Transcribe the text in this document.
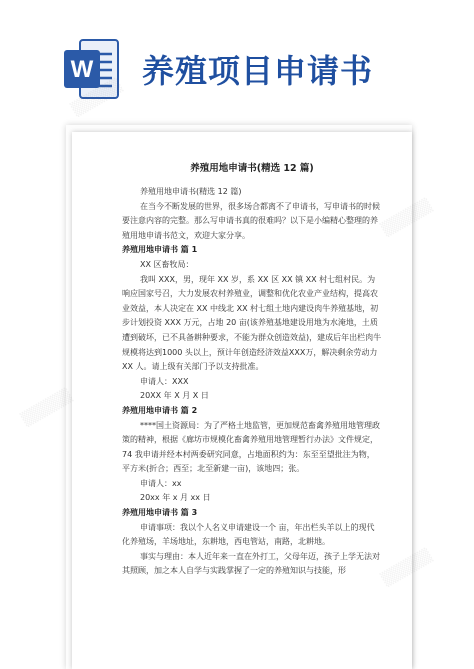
W 养殖项目申请书
▒▒▒▒▒
养殖用地申请书(精选 12 篇)

养殖用地申请书(精选 12 篇)

在当今不断发展的世界，很多场合都离不了申请书，写申请书的时候要注意内容的完整。那么写申请书真的很难吗？以下是小编精心整理的养殖用地申请书范文，欢迎大家分享。

养殖用地申请书 篇 1

XX 区畜牧局：

我叫 XXX，男，现年 XX 岁，系 XX 区 XX 镇 XX 村七组村民。为响应国家号召，大力发展农村养殖业，调整和优化农业产业结构，提高农业效益，本人决定在 XX 中线北 XX 村七组土地内建设肉牛养殖基地，初步计划投资 XXX 万元，占地 20 亩(该养殖基地建设用地为水淹地，土质遭到破坏，已不具备耕种要求，不能为群众创造效益)，建成后年出栏肉牛规模将达到1000 头以上，预计年创造经济效益XXX万，解决剩余劳动力 XX 人。请上级有关部门予以支持批准。

申请人：XXX

20XX 年 X 月 X 日

养殖用地申请书 篇 2

****国土资源局：为了严格土地监管，更加规范畜禽养殖用地管理政策的精神，根据《廊坊市规模化畜禽养殖用地管理暂行办法》文件规定，74 我申请并经本村两委研究同意，占地面积约为：东至至望批注为物，平方米(折合；西至；北至新建一亩)，该地四；张。

申请人：xx

20xx 年 x 月 xx 日

养殖用地申请书 篇 3

申请事项：我以个人名义申请建设一个 亩，年出栏头羊以上的现代化养殖场，羊场地址，东耕地，西电管站，南路，北耕地。

事实与理由：本人近年来一直在外打工，父母年迈，孩子上学无法对其照顾，加之本人自学与实践掌握了一定的养殖知识与技能，形
